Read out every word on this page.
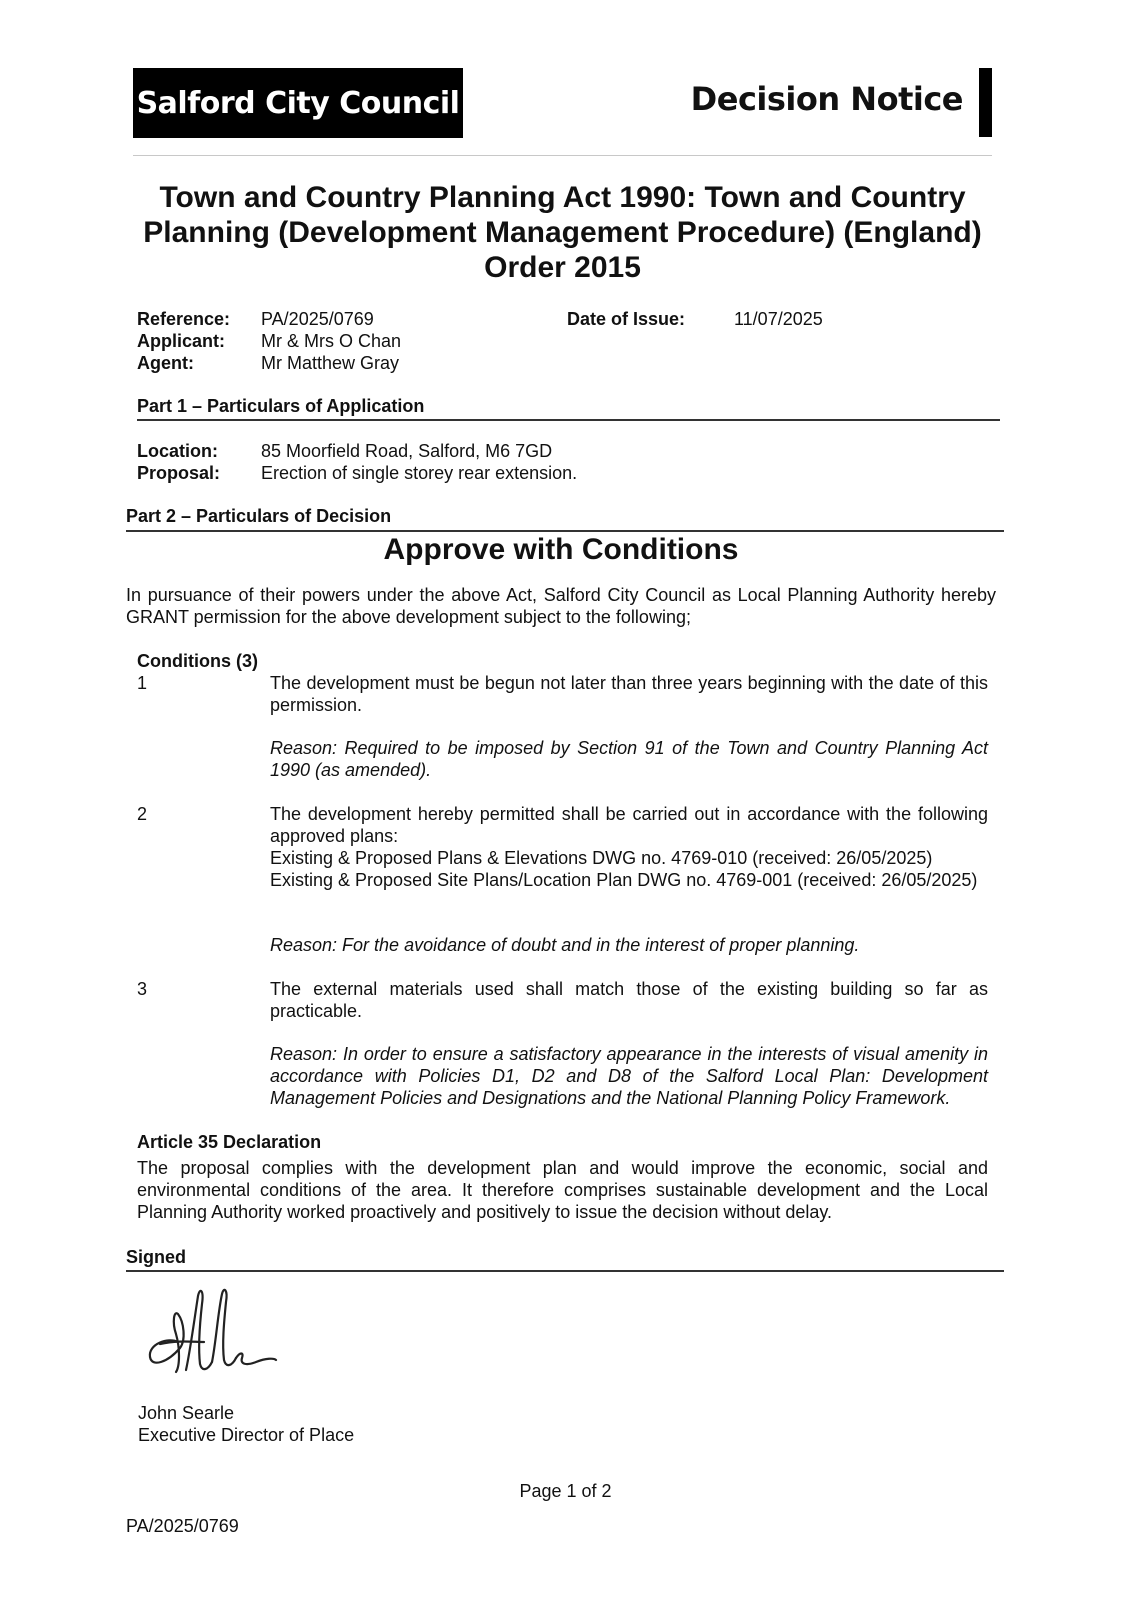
Salford City Council	Decision Notice
Town and Country Planning Act 1990: Town and Country Planning (Development Management Procedure) (England) Order 2015
Reference: PA/2025/0769	Date of Issue:	11/07/2025
Applicant: Mr & Mrs O Chan
Agent:	Mr Matthew Gray
Part 1 – Particulars of Application
Location: 85 Moorfield Road, Salford, M6 7GD
Proposal: Erection of single storey rear extension.
Part 2 – Particulars of Decision
Approve with Conditions
In pursuance of their powers under the above Act, Salford City Council as Local Planning Authority hereby GRANT permission for the above development subject to the following;
Conditions (3)
1	The development must be begun not later than three years beginning with the date of this permission.
Reason: Required to be imposed by Section 91 of the Town and Country Planning Act 1990 (as amended).
2	The development hereby permitted shall be carried out in accordance with the following approved plans:
Existing & Proposed Plans & Elevations DWG no. 4769-010 (received: 26/05/2025)
Existing & Proposed Site Plans/Location Plan DWG no. 4769-001 (received: 26/05/2025)
Reason: For the avoidance of doubt and in the interest of proper planning.
3	The external materials used shall match those of the existing building so far as practicable.
Reason: In order to ensure a satisfactory appearance in the interests of visual amenity in accordance with Policies D1, D2 and D8 of the Salford Local Plan: Development Management Policies and Designations and the National Planning Policy Framework.
Article 35 Declaration
The proposal complies with the development plan and would improve the economic, social and environmental conditions of the area. It therefore comprises sustainable development and the Local Planning Authority worked proactively and positively to issue the decision without delay.
Signed
John Searle
Executive Director of Place
Page 1 of 2
PA/2025/0769
